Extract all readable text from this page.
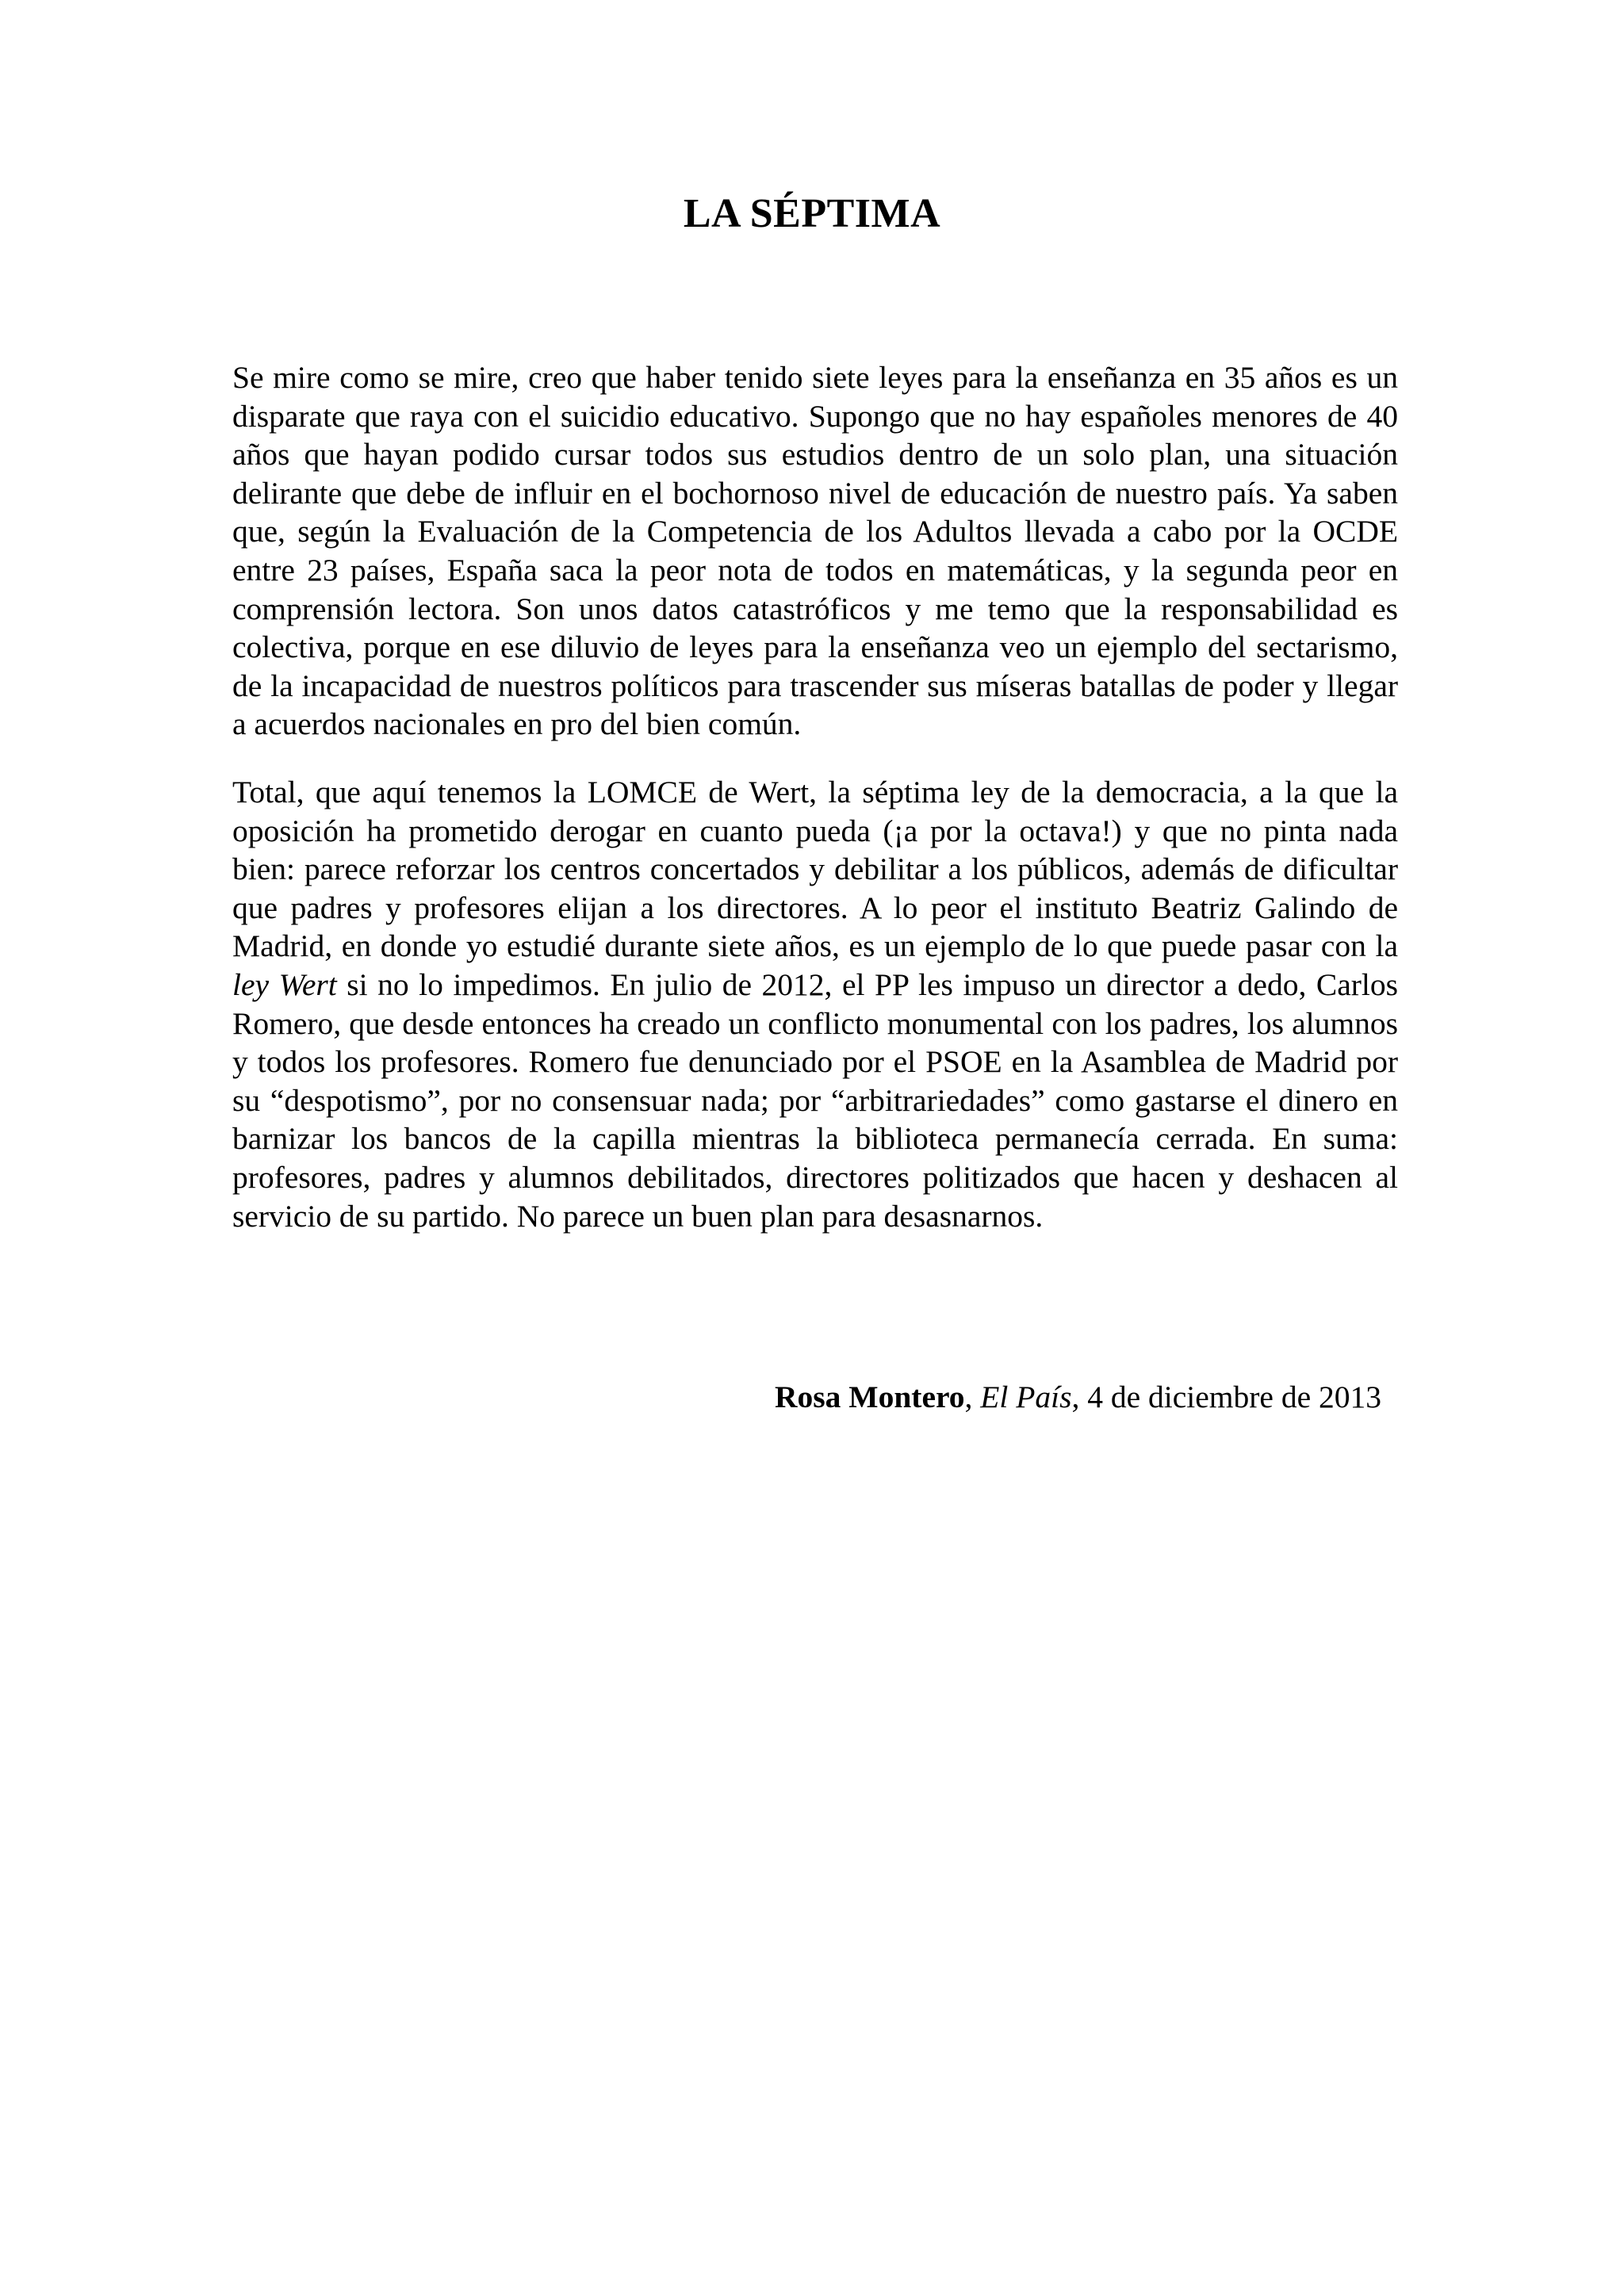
LA SÉPTIMA

Se mire como se mire, creo que haber tenido siete leyes para la enseñanza en 35 años es un disparate que raya con el suicidio educativo. Supongo que no hay españoles menores de 40 años que hayan podido cursar todos sus estudios dentro de un solo plan, una situación delirante que debe de influir en el bochornoso nivel de educación de nuestro país. Ya saben que, según la Evaluación de la Competencia de los Adultos llevada a cabo por la OCDE entre 23 países, España saca la peor nota de todos en matemáticas, y la segunda peor en comprensión lectora. Son unos datos catastróficos y me temo que la responsabilidad es colectiva, porque en ese diluvio de leyes para la enseñanza veo un ejemplo del sectarismo, de la incapacidad de nuestros políticos para trascender sus míseras batallas de poder y llegar a acuerdos nacionales en pro del bien común.

Total, que aquí tenemos la LOMCE de Wert, la séptima ley de la democracia, a la que la oposición ha prometido derogar en cuanto pueda (¡a por la octava!) y que no pinta nada bien: parece reforzar los centros concertados y debilitar a los públicos, además de dificultar que padres y profesores elijan a los directores. A lo peor el instituto Beatriz Galindo de Madrid, en donde yo estudié durante siete años, es un ejemplo de lo que puede pasar con la ley Wert si no lo impedimos. En julio de 2012, el PP les impuso un director a dedo, Carlos Romero, que desde entonces ha creado un conflicto monumental con los padres, los alumnos y todos los profesores. Romero fue denunciado por el PSOE en la Asamblea de Madrid por su “despotismo”, por no consensuar nada; por “arbitrariedades” como gastarse el dinero en barnizar los bancos de la capilla mientras la biblioteca permanecía cerrada. En suma: profesores, padres y alumnos debilitados, directores politizados que hacen y deshacen al servicio de su partido. No parece un buen plan para desasnarnos.

Rosa Montero, El País, 4 de diciembre de 2013
